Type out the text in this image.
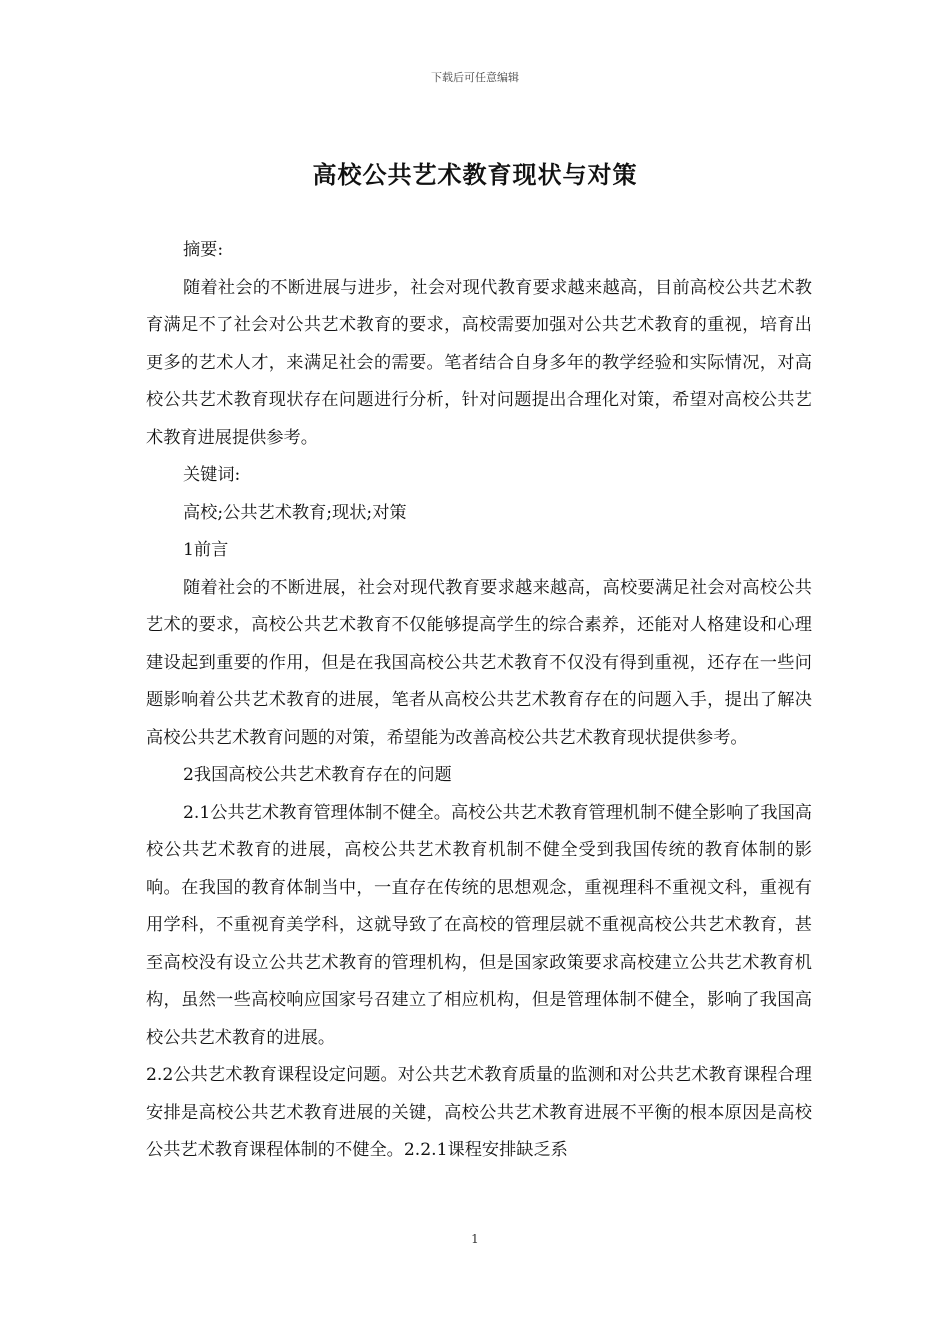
下载后可任意编辑
高校公共艺术教育现状与对策

摘要:

随着社会的不断进展与进步，社会对现代教育要求越来越高，目前高校公共艺术教育满足不了社会对公共艺术教育的要求，高校需要加强对公共艺术教育的重视，培育出更多的艺术人才，来满足社会的需要。笔者结合自身多年的教学经验和实际情况，对高校公共艺术教育现状存在问题进行分析，针对问题提出合理化对策，希望对高校公共艺术教育进展提供参考。

关键词:

高校;公共艺术教育;现状;对策

1前言

随着社会的不断进展，社会对现代教育要求越来越高，高校要满足社会对高校公共艺术的要求，高校公共艺术教育不仅能够提高学生的综合素养，还能对人格建设和心理建设起到重要的作用，但是在我国高校公共艺术教育不仅没有得到重视，还存在一些问题影响着公共艺术教育的进展，笔者从高校公共艺术教育存在的问题入手，提出了解决高校公共艺术教育问题的对策，希望能为改善高校公共艺术教育现状提供参考。

2我国高校公共艺术教育存在的问题

2.1公共艺术教育管理体制不健全。高校公共艺术教育管理机制不健全影响了我国高校公共艺术教育的进展，高校公共艺术教育机制不健全受到我国传统的教育体制的影响。在我国的教育体制当中，一直存在传统的思想观念，重视理科不重视文科，重视有用学科，不重视育美学科，这就导致了在高校的管理层就不重视高校公共艺术教育，甚至高校没有设立公共艺术教育的管理机构，但是国家政策要求高校建立公共艺术教育机构，虽然一些高校响应国家号召建立了相应机构，但是管理体制不健全，影响了我国高校公共艺术教育的进展。

2.2公共艺术教育课程设定问题。对公共艺术教育质量的监测和对公共艺术教育课程合理安排是高校公共艺术教育进展的关键，高校公共艺术教育进展不平衡的根本原因是高校公共艺术教育课程体制的不健全。2.2.1课程安排缺乏系

1
